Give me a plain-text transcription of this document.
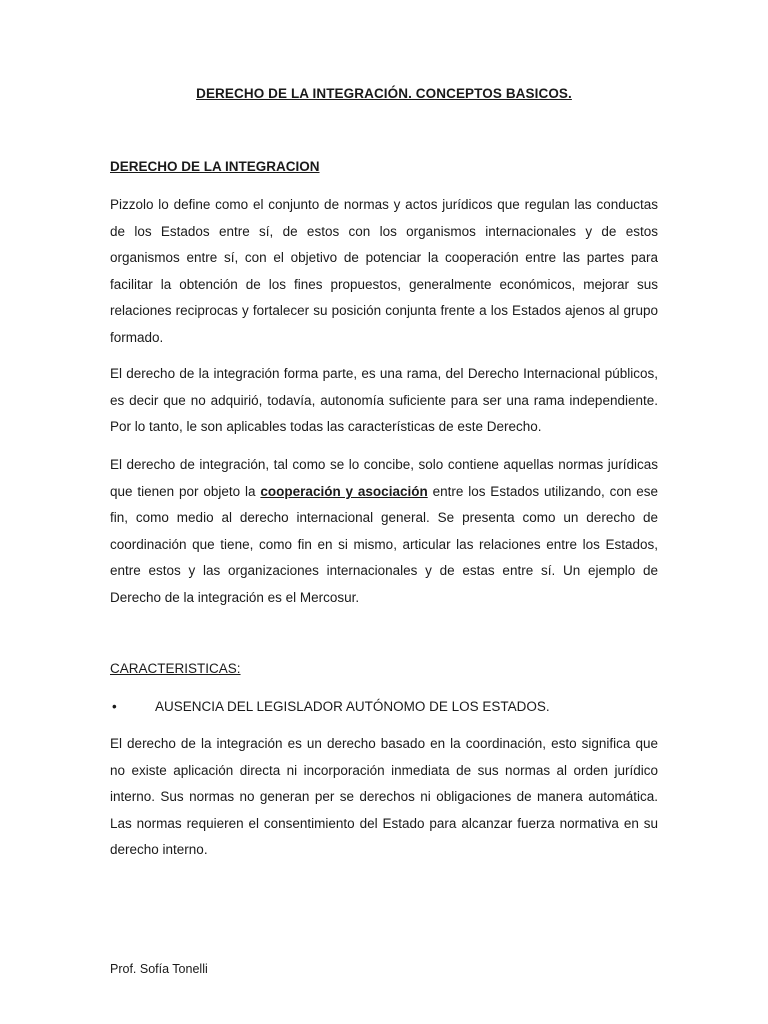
DERECHO DE LA INTEGRACIÓN. CONCEPTOS BASICOS.
DERECHO DE LA INTEGRACION
Pizzolo lo define como el conjunto de normas y actos jurídicos que regulan las conductas de los Estados entre sí, de estos con los organismos internacionales y de estos organismos entre sí, con el objetivo de potenciar la cooperación entre las partes para facilitar la obtención de los fines propuestos, generalmente económicos, mejorar sus relaciones reciprocas y fortalecer su posición conjunta frente a los Estados ajenos al grupo formado.
El derecho de la integración forma parte, es una rama, del Derecho Internacional públicos, es decir que no adquirió, todavía, autonomía suficiente para ser una rama independiente. Por lo tanto, le son aplicables todas las características de este Derecho.
El derecho de integración, tal como se lo concibe, solo contiene aquellas normas jurídicas que tienen por objeto la cooperación y asociación entre los Estados utilizando, con ese fin, como medio al derecho internacional general. Se presenta como un derecho de coordinación que tiene, como fin en si mismo, articular las relaciones entre los Estados, entre estos y las organizaciones internacionales y de estas entre sí. Un ejemplo de Derecho de la integración es el Mercosur.
CARACTERISTICAS:
•	AUSENCIA DEL LEGISLADOR AUTÓNOMO DE LOS ESTADOS.
El derecho de la integración es un derecho basado en la coordinación, esto significa que no existe aplicación directa ni incorporación inmediata de sus normas al orden jurídico interno. Sus normas no generan per se derechos ni obligaciones de manera automática. Las normas requieren el consentimiento del Estado para alcanzar fuerza normativa en su derecho interno.
Prof. Sofía Tonelli
